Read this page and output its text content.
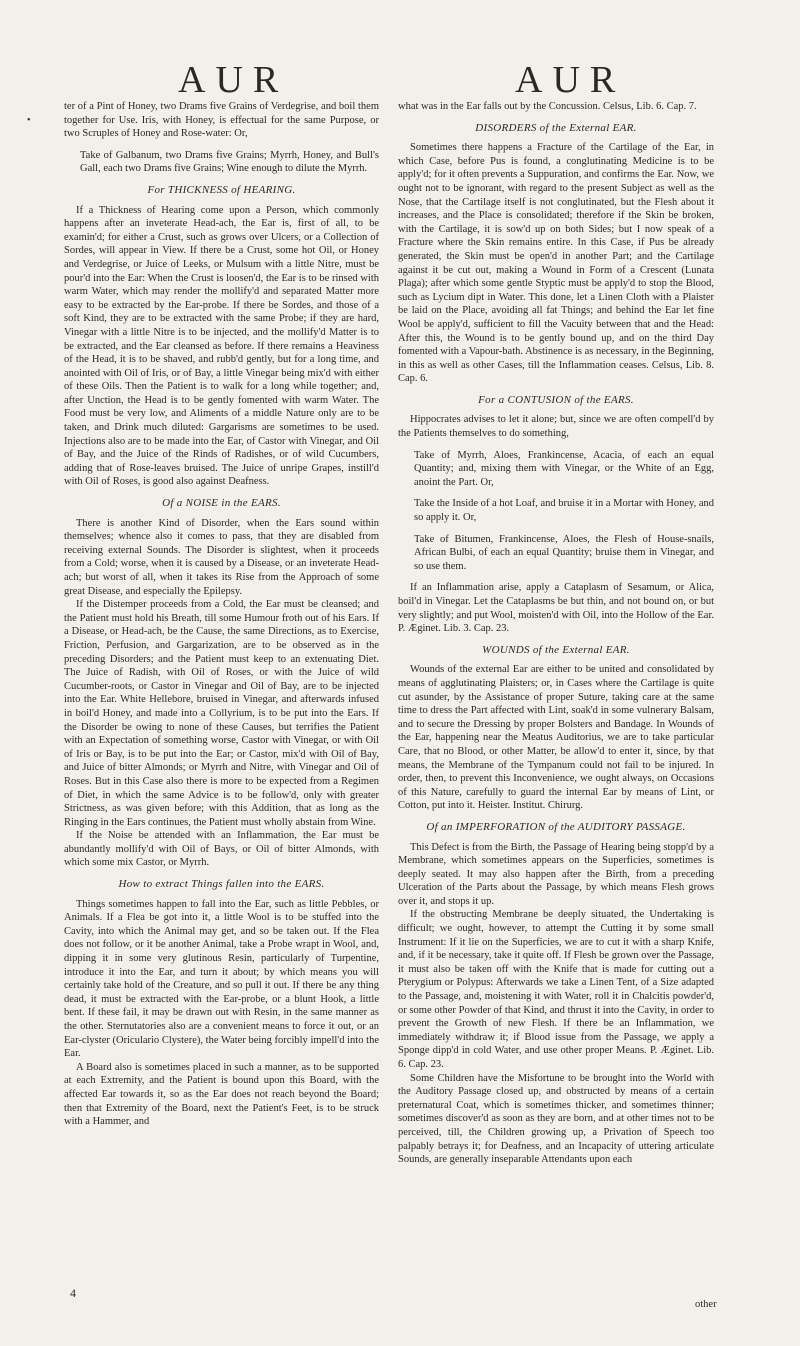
•
AUR	AUR

ter of a Pint of Honey, two Drams five Grains of Verdegrise, and boil them together for Use. Iris, with Honey, is effectual for the same Purpose, or two Scruples of Honey and Rose-water: Or,

Take of Galbanum, two Drams five Grains; Myrrh, Honey, and Bull's Gall, each two Drams five Grains; Wine enough to dilute the Myrrh.

For THICKNESS of HEARING.

If a Thickness of Hearing come upon a Person, which commonly happens after an inveterate Head-ach, the Ear is, first of all, to be examin'd; for either a Crust, such as grows over Ulcers, or a Collection of Sordes, will appear in View. If there be a Crust, some hot Oil, or Honey and Verdegrise, or Juice of Leeks, or Mulsum with a little Nitre, must be pour'd into the Ear: When the Crust is loosen'd, the Ear is to be rinsed with warm Water, which may render the mollify'd and separated Matter more easy to be extracted by the Ear-probe. If there be Sordes, and those of a soft Kind, they are to be extracted with the same Probe; if they are hard, Vinegar with a little Nitre is to be injected, and the mollify'd Matter is to be extracted, and the Ear cleansed as before. If there remains a Heaviness of the Head, it is to be shaved, and rubb'd gently, but for a long time, and anointed with Oil of Iris, or of Bay, a little Vinegar being mix'd with either of these Oils. Then the Patient is to walk for a long while together; and, after Unction, the Head is to be gently fomented with warm Water. The Food must be very low, and Aliments of a middle Nature only are to be taken, and Drink much diluted: Gargarisms are sometimes to be used. Injections also are to be made into the Ear, of Castor with Vinegar, and Oil of Bay, and the Juice of the Rinds of Radishes, or of wild Cucumbers, adding that of Rose-leaves bruised. The Juice of unripe Grapes, instill'd with Oil of Roses, is good also against Deafness.

Of a NOISE in the EARS.

There is another Kind of Disorder, when the Ears sound within themselves; whence also it comes to pass, that they are disabled from receiving external Sounds. The Disorder is slightest, when it proceeds from a Cold; worse, when it is caused by a Disease, or an inveterate Head-ach; but worst of all, when it takes its Rise from the Approach of some great Disease, and especially the Epilepsy.

If the Distemper proceeds from a Cold, the Ear must be cleansed; and the Patient must hold his Breath, till some Humour froth out of his Ears. If a Disease, or Head-ach, be the Cause, the same Directions, as to Exercise, Friction, Perfusion, and Gargarization, are to be observed as in the preceding Disorders; and the Patient must keep to an extenuating Diet. The Juice of Radish, with Oil of Roses, or with the Juice of wild Cucumber-roots, or Castor in Vinegar and Oil of Bay, are to be injected into the Ear. White Hellebore, bruised in Vinegar, and afterwards infused in boil'd Honey, and made into a Collyrium, is to be put into the Ears. If the Disorder be owing to none of these Causes, but terrifies the Patient with an Expectation of something worse, Castor with Vinegar, or with Oil of Iris or Bay, is to be put into the Ear; or Castor, mix'd with Oil of Bay, and Juice of bitter Almonds; or Myrrh and Nitre, with Vinegar and Oil of Roses. But in this Case also there is more to be expected from a Regimen of Diet, in which the same Advice is to be follow'd, only with greater Strictness, as was given before; with this Addition, that as long as the Ringing in the Ears continues, the Patient must wholly abstain from Wine.

If the Noise be attended with an Inflammation, the Ear must be abundantly mollify'd with Oil of Bays, or Oil of bitter Almonds, with which some mix Castor, or Myrrh.

How to extract Things fallen into the EARS.

Things sometimes happen to fall into the Ear, such as little Pebbles, or Animals. If a Flea be got into it, a little Wool is to be stuffed into the Cavity, into which the Animal may get, and so be taken out. If the Flea does not follow, or it be another Animal, take a Probe wrapt in Wool, and, dipping it in some very glutinous Resin, particularly of Turpentine, introduce it into the Ear, and turn it about; by which means you will certainly take hold of the Creature, and so pull it out. If there be any thing dead, it must be extracted with the Ear-probe, or a blunt Hook, a little bent. If these fail, it may be drawn out with Resin, in the same manner as the other. Sternutatories also are a convenient means to force it out, or an Ear-clyster (Oriculario Clystere), the Water being forcibly impell'd into the Ear.

A Board also is sometimes placed in such a manner, as to be supported at each Extremity, and the Patient is bound upon this Board, with the affected Ear towards it, so as the Ear does not reach beyond the Board; then that Extremity of the Board, next the Patient's Feet, is to be struck with a Hammer, and

what was in the Ear falls out by the Concussion. Celsus, Lib. 6. Cap. 7.

DISORDERS of the External EAR.

Sometimes there happens a Fracture of the Cartilage of the Ear, in which Case, before Pus is found, a conglutinating Medicine is to be apply'd; for it often prevents a Suppuration, and confirms the Ear. Now, we ought not to be ignorant, with regard to the present Subject as well as the Nose, that the Cartilage itself is not conglutinated, but the Flesh about it increases, and the Place is consolidated; therefore if the Skin be broken, with the Cartilage, it is sow'd up on both Sides; but I now speak of a Fracture where the Skin remains entire. In this Case, if Pus be already generated, the Skin must be open'd in another Part; and the Cartilage against it be cut out, making a Wound in Form of a Crescent (Lunata Plaga); after which some gentle Styptic must be apply'd to stop the Blood, such as Lycium dipt in Water. This done, let a Linen Cloth with a Plaister be laid on the Place, avoiding all fat Things; and behind the Ear let fine Wool be apply'd, sufficient to fill the Vacuity between that and the Head: After this, the Wound is to be gently bound up, and on the third Day fomented with a Vapour-bath. Abstinence is as necessary, in the Beginning, in this as well as other Cases, till the Inflammation ceases. Celsus, Lib. 8. Cap. 6.

For a CONTUSION of the EARS.

Hippocrates advises to let it alone; but, since we are often compell'd by the Patients themselves to do something,

Take of Myrrh, Aloes, Frankincense, Acacia, of each an equal Quantity; and, mixing them with Vinegar, or the White of an Egg, anoint the Part. Or,

Take the Inside of a hot Loaf, and bruise it in a Mortar with Honey, and so apply it. Or,

Take of Bitumen, Frankincense, Aloes, the Flesh of House-snails, African Bulbi, of each an equal Quantity; bruise them in Vinegar, and so use them.

If an Inflammation arise, apply a Cataplasm of Sesamum, or Alica, boil'd in Vinegar. Let the Cataplasms be but thin, and not bound on, or but very slightly; and put Wool, moisten'd with Oil, into the Hollow of the Ear. P. Æginet. Lib. 3. Cap. 23.

WOUNDS of the External EAR.

Wounds of the external Ear are either to be united and consolidated by means of agglutinating Plaisters; or, in Cases where the Cartilage is quite cut asunder, by the Assistance of proper Suture, taking care at the same time to dress the Part affected with Lint, soak'd in some vulnerary Balsam, and to secure the Dressing by proper Bolsters and Bandage. In Wounds of the Ear, happening near the Meatus Auditorius, we are to take particular Care, that no Blood, or other Matter, be allow'd to enter it, since, by that means, the Membrane of the Tympanum could not fail to be injured. In order, then, to prevent this Inconvenience, we ought always, on Occasions of this Nature, carefully to guard the internal Ear by means of Lint, or Cotton, put into it. Heister. Institut. Chirurg.

Of an IMPERFORATION of the AUDITORY PASSAGE.

This Defect is from the Birth, the Passage of Hearing being stopp'd by a Membrane, which sometimes appears on the Superficies, sometimes is deeply seated. It may also happen after the Birth, from a preceding Ulceration of the Parts about the Passage, by which means Flesh grows over it, and stops it up.

If the obstructing Membrane be deeply situated, the Undertaking is difficult; we ought, however, to attempt the Cutting it by some small Instrument: If it lie on the Superficies, we are to cut it with a sharp Knife, and, if it be necessary, take it quite off. If Flesh be grown over the Passage, it must also be taken off with the Knife that is made for cutting out a Pterygium or Polypus: Afterwards we take a Linen Tent, of a Size adapted to the Passage, and, moistening it with Water, roll it in Chalcitis powder'd, or some other Powder of that Kind, and thrust it into the Cavity, in order to prevent the Growth of new Flesh. If there be an Inflammation, we immediately withdraw it; if Blood issue from the Passage, we apply a Sponge dipp'd in cold Water, and use other proper Means. P. Æginet. Lib. 6. Cap. 23.

Some Children have the Misfortune to be brought into the World with the Auditory Passage closed up, and obstructed by means of a certain preternatural Coat, which is sometimes thicker, and sometimes thinner; sometimes discover'd as soon as they are born, and at other times not to be perceived, till, the Children growing up, a Privation of Speech too palpably betrays it; for Deafness, and an Incapacity of uttering articulate Sounds, are generally inseparable Attendants upon each

4
other
